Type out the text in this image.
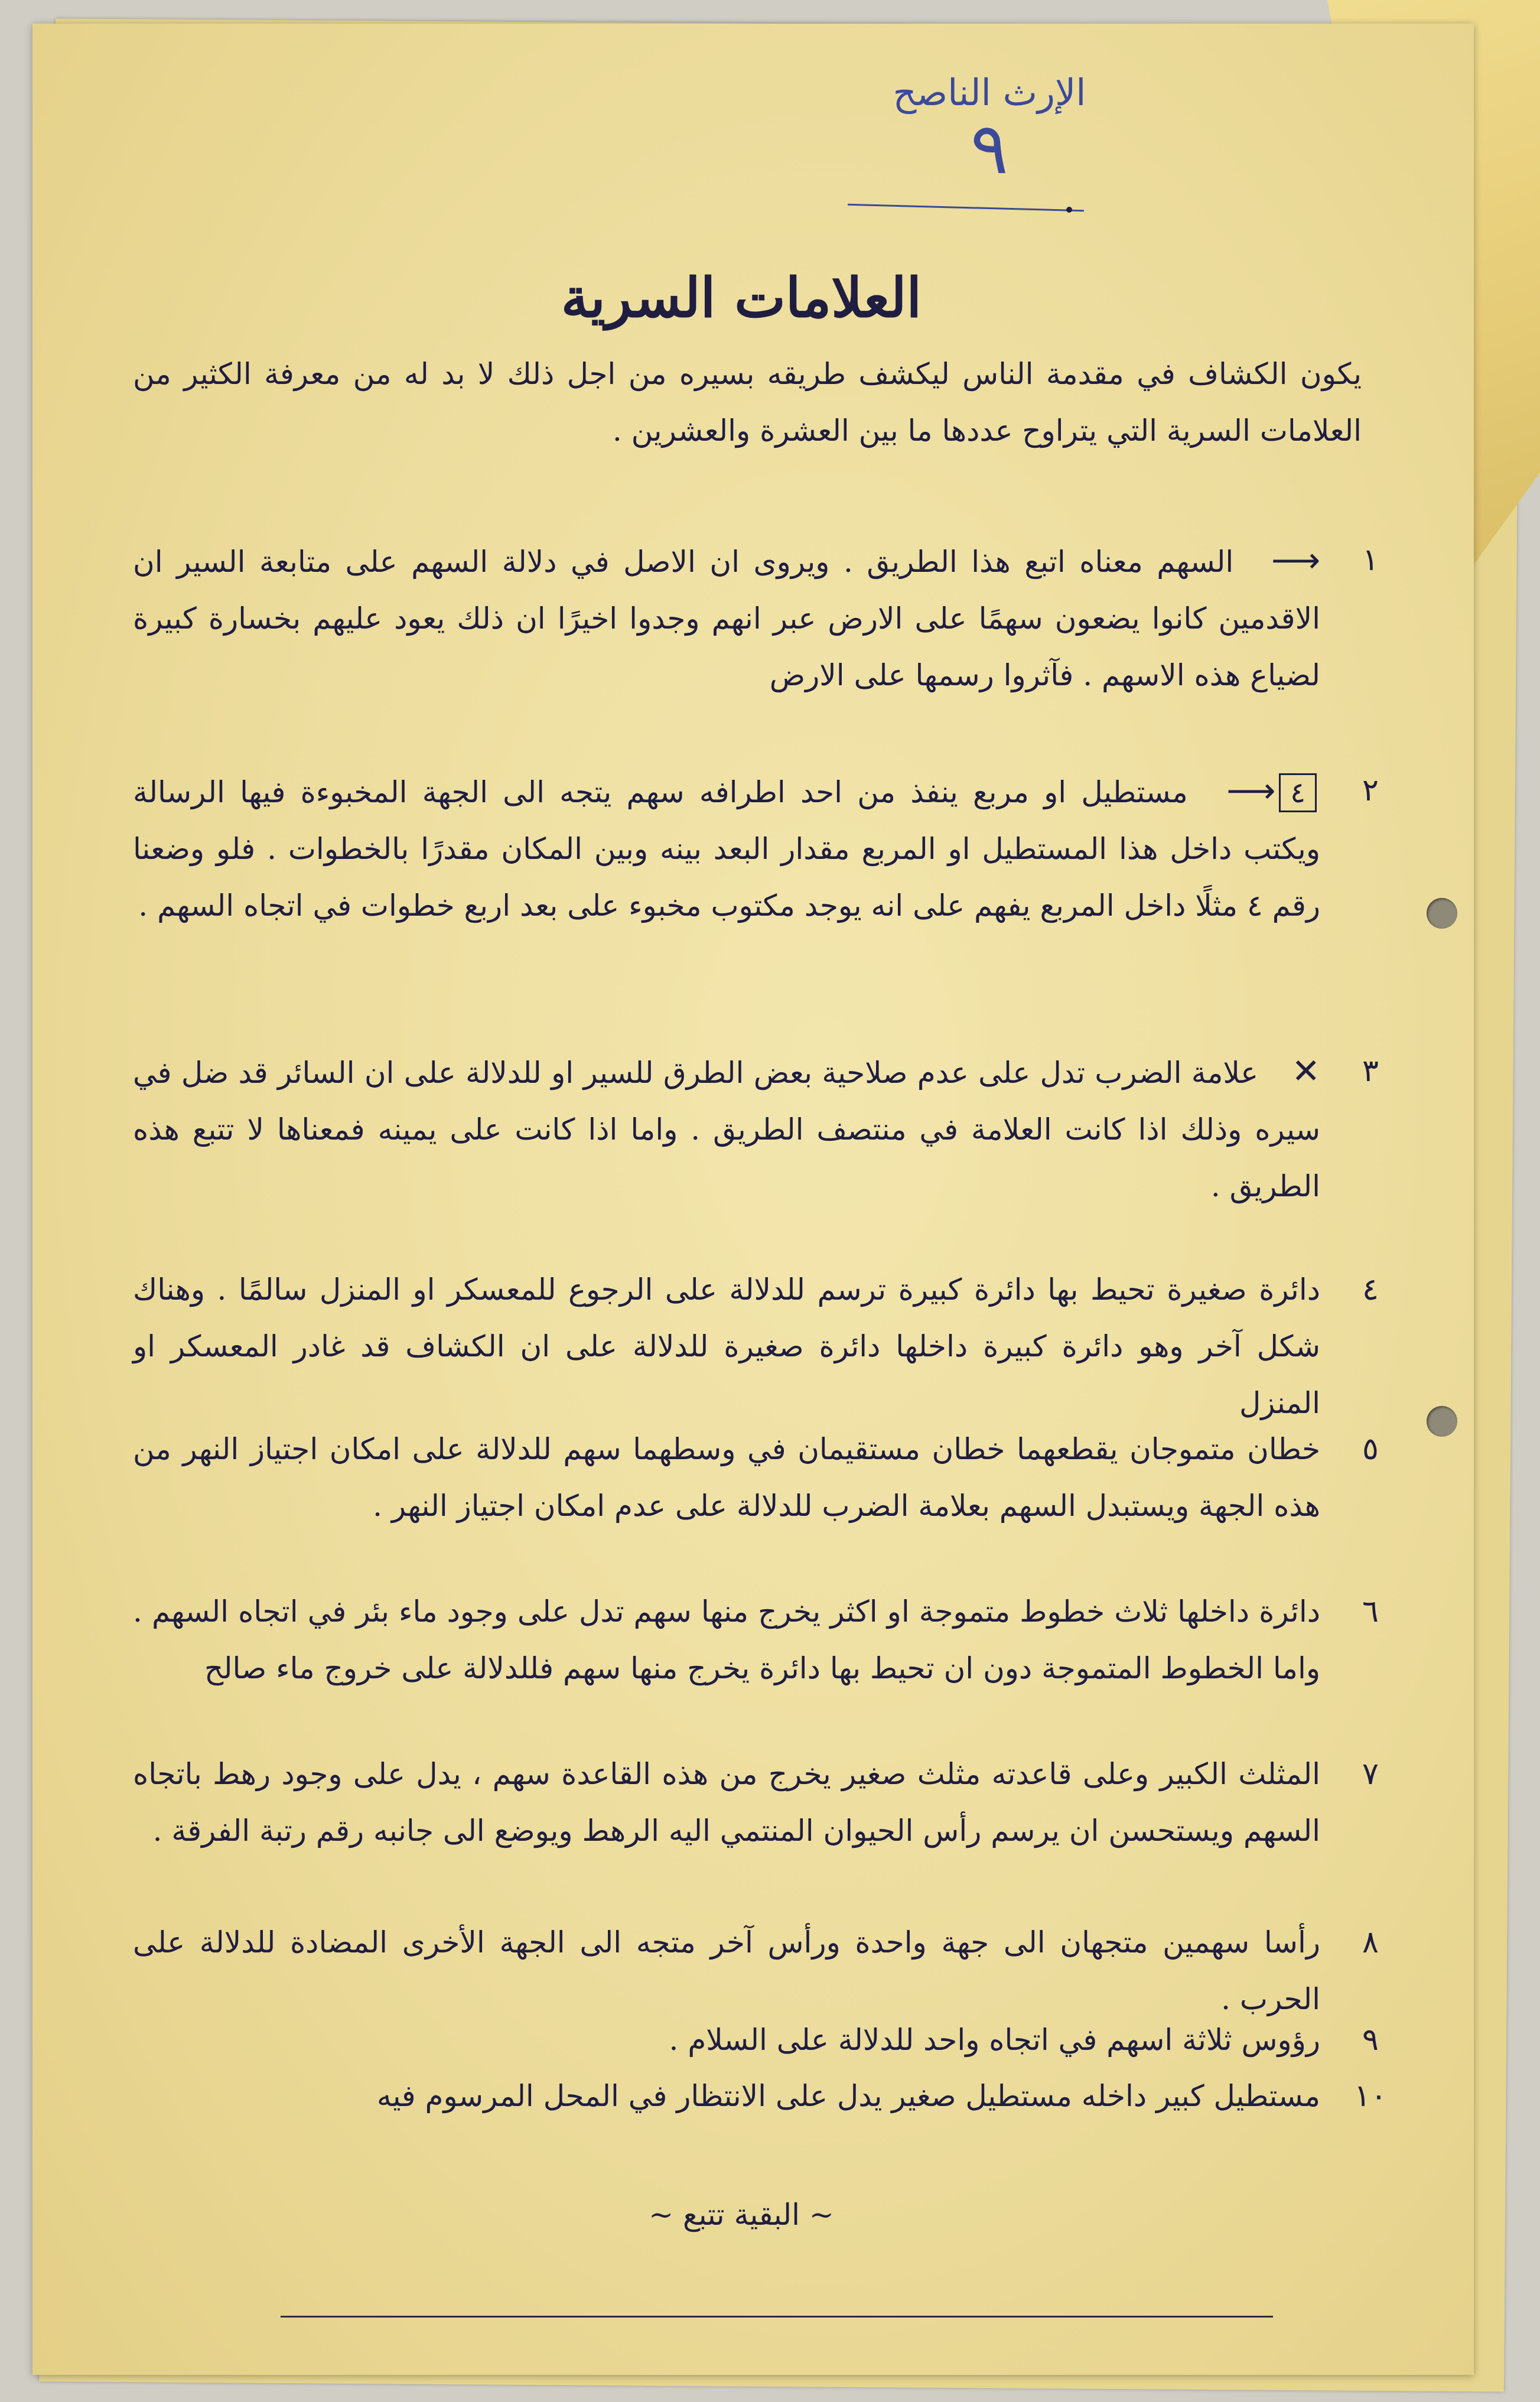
الإرث الناصح
٩
العلامات السرية
يكون الكشاف في مقدمة الناس ليكشف طريقه بسيره من اجل ذلك لا بد له من معرفة الكثير من العلامات السرية التي يتراوح عددها ما بين العشرة والعشرين .
١
⟶ السهم معناه اتبع هذا الطريق . ويروى ان الاصل في دلالة السهم على متابعة السير ان الاقدمين كانوا يضعون سهمًا على الارض عبر انهم وجدوا اخيرًا ان ذلك يعود عليهم بخسارة كبيرة لضياع هذه الاسهم . فآثروا رسمها على الارض
٢
٤⟶ مستطيل او مربع ينفذ من احد اطرافه سهم يتجه الى الجهة المخبوءة فيها الرسالة ويكتب داخل هذا المستطيل او المربع مقدار البعد بينه وبين المكان مقدرًا بالخطوات . فلو وضعنا رقم ٤ مثلًا داخل المربع يفهم على انه يوجد مكتوب مخبوء على بعد اربع خطوات في اتجاه السهم .
٣
✕ علامة الضرب تدل على عدم صلاحية بعض الطرق للسير او للدلالة على ان السائر قد ضل في سيره وذلك اذا كانت العلامة في منتصف الطريق . واما اذا كانت على يمينه فمعناها لا تتبع هذه الطريق .
٤
دائرة صغيرة تحيط بها دائرة كبيرة ترسم للدلالة على الرجوع للمعسكر او المنزل سالمًا . وهناك شكل آخر وهو دائرة كبيرة داخلها دائرة صغيرة للدلالة على ان الكشاف قد غادر المعسكر او المنزل
٥
خطان متموجان يقطعهما خطان مستقيمان في وسطهما سهم للدلالة على امكان اجتياز النهر من هذه الجهة ويستبدل السهم بعلامة الضرب للدلالة على عدم امكان اجتياز النهر .
٦
دائرة داخلها ثلاث خطوط متموجة او اكثر يخرج منها سهم تدل على وجود ماء بئر في اتجاه السهم . واما الخطوط المتموجة دون ان تحيط بها دائرة يخرج منها سهم فللدلالة على خروج ماء صالح
٧
المثلث الكبير وعلى قاعدته مثلث صغير يخرج من هذه القاعدة سهم ، يدل على وجود رهط باتجاه السهم ويستحسن ان يرسم رأس الحيوان المنتمي اليه الرهط ويوضع الى جانبه رقم رتبة الفرقة .
٨
رأسا سهمين متجهان الى جهة واحدة ورأس آخر متجه الى الجهة الأخرى المضادة للدلالة على الحرب .
٩
رؤوس ثلاثة اسهم في اتجاه واحد للدلالة على السلام .
١٠
مستطيل كبير داخله مستطيل صغير يدل على الانتظار في المحل المرسوم فيه
~ البقية تتبع ~
